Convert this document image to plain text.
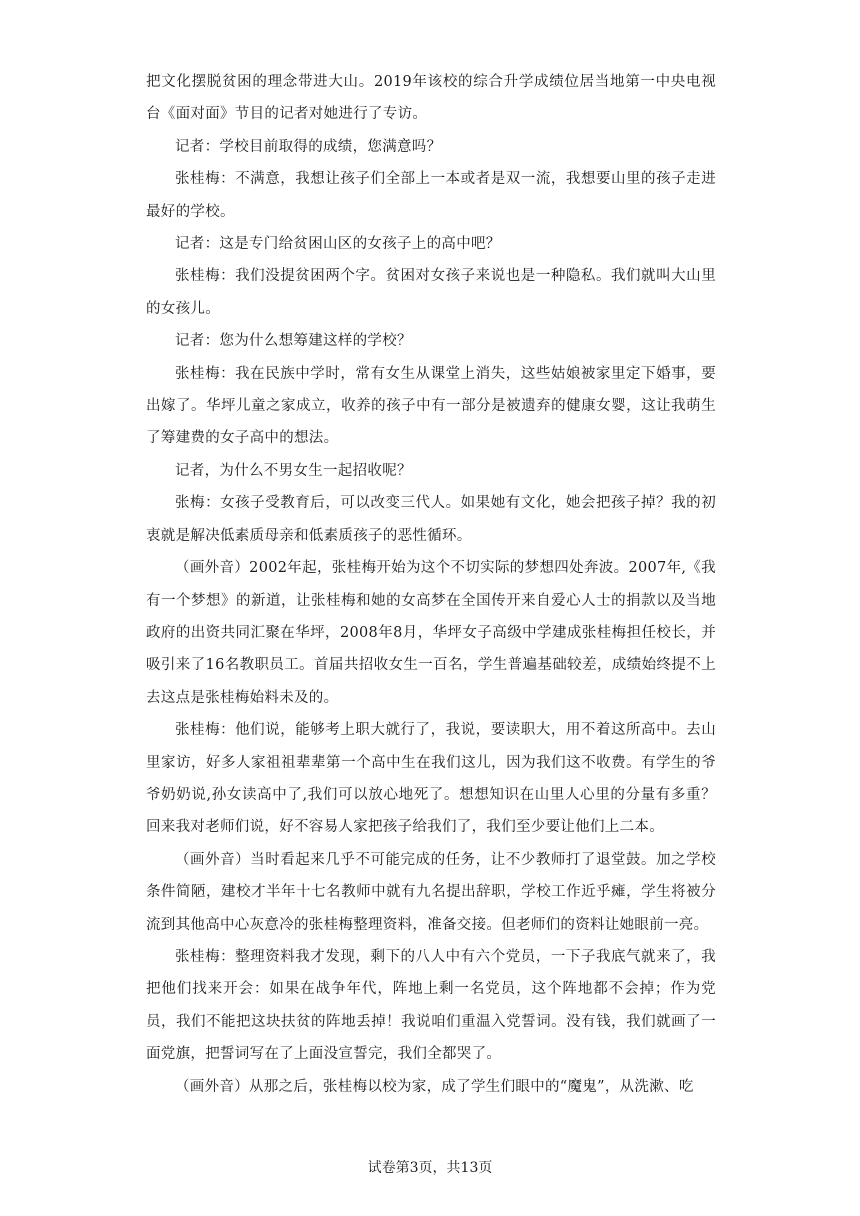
把文化摆脱贫困的理念带进大山。2019年该校的综合升学成绩位居当地第一中央电视台《面对面》节目的记者对她进行了专访。

记者：学校目前取得的成绩，您满意吗？

张桂梅：不满意，我想让孩子们全部上一本或者是双一流，我想要山里的孩子走进最好的学校。

记者：这是专门给贫困山区的女孩子上的高中吧？

张桂梅：我们没提贫困两个字。贫困对女孩子来说也是一种隐私。我们就叫大山里的女孩儿。

记者：您为什么想筹建这样的学校？

张桂梅：我在民族中学时，常有女生从课堂上消失，这些姑娘被家里定下婚事，要出嫁了。华坪儿童之家成立，收养的孩子中有一部分是被遗弃的健康女婴，这让我萌生了筹建费的女子高中的想法。

记者，为什么不男女生一起招收呢？

张梅：女孩子受教育后，可以改变三代人。如果她有文化，她会把孩子掉？我的初衷就是解决低素质母亲和低素质孩子的恶性循环。

（画外音）2002年起，张桂梅开始为这个不切实际的梦想四处奔波。2007年,《我有一个梦想》的新道，让张桂梅和她的女高梦在全国传开来自爱心人士的捐款以及当地政府的出资共同汇聚在华坪，2008年8月，华坪女子高级中学建成张桂梅担任校长，并吸引来了16名教职员工。首届共招收女生一百名，学生普遍基础较差，成绩始终提不上去这点是张桂梅始料未及的。

张桂梅：他们说，能够考上职大就行了，我说，要读职大，用不着这所高中。去山里家访，好多人家祖祖辈辈第一个高中生在我们这儿，因为我们这不收费。有学生的爷爷奶奶说,孙女读高中了,我们可以放心地死了。想想知识在山里人心里的分量有多重？回来我对老师们说，好不容易人家把孩子给我们了，我们至少要让他们上二本。

（画外音）当时看起来几乎不可能完成的任务，让不少教师打了退堂鼓。加之学校条件简陋，建校才半年十七名教师中就有九名提出辞职，学校工作近乎瘫，学生将被分流到其他高中心灰意冷的张桂梅整理资料，准备交接。但老师们的资料让她眼前一亮。

张桂梅：整理资料我才发现，剩下的八人中有六个党员，一下子我底气就来了，我把他们找来开会：如果在战争年代，阵地上剩一名党员，这个阵地都不会掉；作为党员，我们不能把这块扶贫的阵地丢掉！我说咱们重温入党誓词。没有钱，我们就画了一面党旗，把誓词写在了上面没宣誓完，我们全都哭了。

（画外音）从那之后，张桂梅以校为家，成了学生们眼中的“魔鬼”，从洗漱、吃

试卷第3页，共13页
